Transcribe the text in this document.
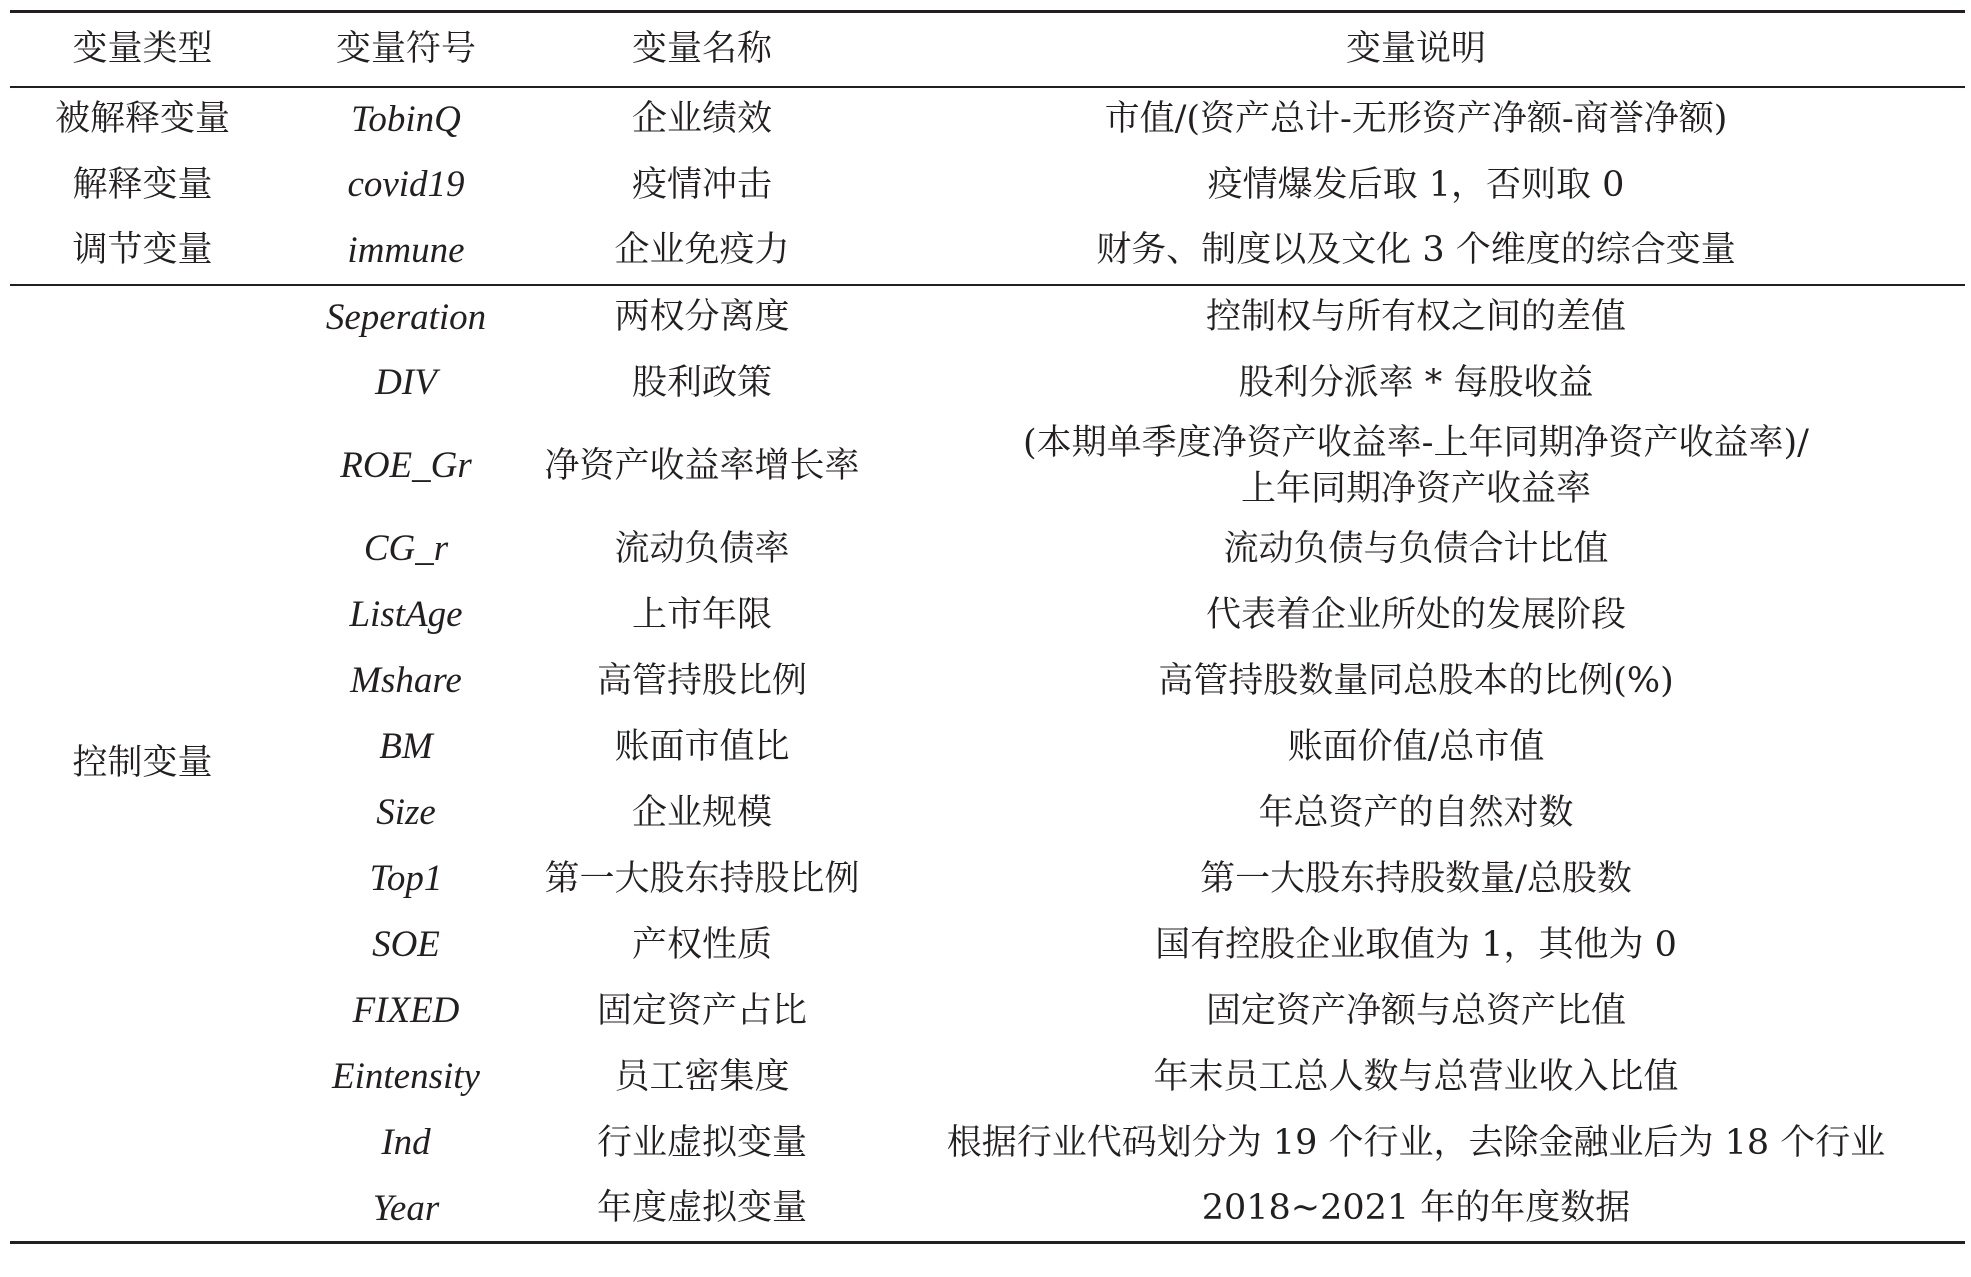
变量类型	变量符号	变量名称	变量说明
被解释变量	TobinQ	企业绩效	市值/(资产总计-无形资产净额-商誉净额)

解释变量	covid19	疫情冲击	疫情爆发后取 1，否则取 0

调节变量	immune	企业免疫力	财务、制度以及文化 3 个维度的综合变量

控制变量	Seperation	两权分离度	控制权与所有权之间的差值

	DIV	股利政策	股利分派率 * 每股收益

	ROE_Gr	净资产收益率增长率	(本期单季度净资产收益率-上年同期净资产收益率)/
上年同期净资产收益率

	CG_r	流动负债率	流动负债与负债合计比值

	ListAge	上市年限	代表着企业所处的发展阶段

	Mshare	高管持股比例	高管持股数量同总股本的比例(%)

	BM	账面市值比	账面价值/总市值

	Size	企业规模	年总资产的自然对数

	Top1	第一大股东持股比例	第一大股东持股数量/总股数

	SOE	产权性质	国有控股企业取值为 1，其他为 0

	FIXED	固定资产占比	固定资产净额与总资产比值

	Eintensity	员工密集度	年末员工总人数与总营业收入比值

	Ind	行业虚拟变量	根据行业代码划分为 19 个行业，去除金融业后为 18 个行业

	Year	年度虚拟变量	2018~2021 年的年度数据
